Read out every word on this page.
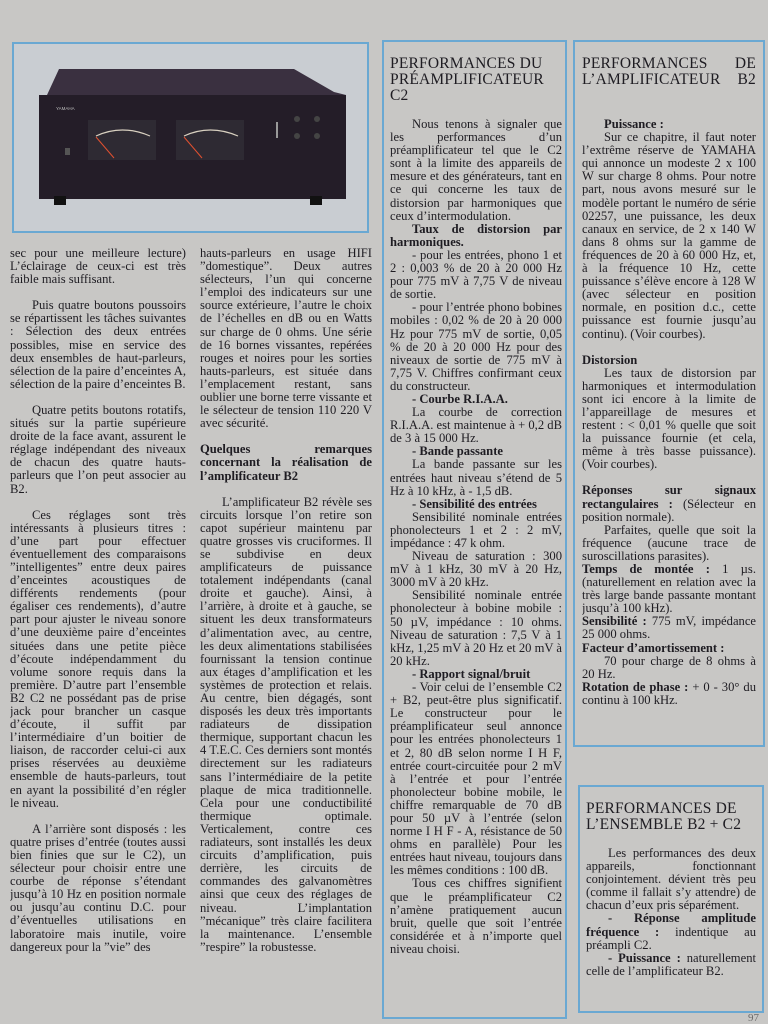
YAMAHA

sec pour une meilleure lecture) L’éclairage de ceux-ci est très faible mais suffisant.

Puis quatre boutons poussoirs se répartissent les tâches suivantes : Sélection des deux entrées possibles, mise en service des deux ensembles de haut-parleurs, sélection de la paire d’enceintes A, sélection de la paire d’enceintes B.

Quatre petits boutons rotatifs, situés sur la partie supérieure droite de la face avant, assurent le réglage indépendant des niveaux de chacun des quatre hauts-parleurs que l’on peut associer au B2.

Ces réglages sont très intéressants à plusieurs titres : d’une part pour effectuer éventuellement des comparaisons ”intelligentes” entre deux paires d’enceintes acoustiques de différents rendements (pour égaliser ces rendements), d’autre part pour ajuster le niveau sonore d’une deuxième paire d’enceintes situées dans une petite pièce d’écoute indépendamment du volume sonore requis dans la première. D’autre part l’ensemble B2 C2 ne possédant pas de prise jack pour brancher un casque d’écoute, il suffit par l’intermédiaire d’un boitier de liaison, de raccorder celui-ci aux prises réservées au deuxième ensemble de hauts-parleurs, tout en ayant la possibilité d’en régler le niveau.

A l’arrière sont disposés : les quatre prises d’entrée (toutes aussi bien finies que sur le C2), un sélecteur pour choisir entre une courbe de réponse s’étendant jusqu’à 10 Hz en position normale ou jusqu’au continu D.C. pour d’éventuelles utilisations en laboratoire mais inutile, voire dangereux pour la ”vie” des

hauts-parleurs en usage HIFI ”domestique”. Deux autres sélecteurs, l’un qui concerne l’emploi des indicateurs sur une source extérieure, l’autre le choix de l’échelles en dB ou en Watts sur charge de 0 ohms. Une série de 16 bornes vissantes, repérées rouges et noires pour les sorties hauts-parleurs, est située dans l’emplacement restant, sans oublier une borne terre vissante et le sélecteur de tension 110 220 V avec sécurité.

Quelques remarques concernant la réalisation de l’amplificateur B2

L’amplificateur B2 révèle ses circuits lorsque l’on retire son capot supérieur maintenu par quatre grosses vis cruciformes. Il se subdivise en deux amplificateurs de puissance totalement indépendants (canal droite et gauche). Ainsi, à l’arrière, à droite et à gauche, se situent les deux transformateurs d’alimentation avec, au centre, les deux alimentations stabilisées fournissant la tension continue aux étages d’amplification et les systèmes de protection et relais. Au centre, bien dégagés, sont disposés les deux très importants radiateurs de dissipation thermique, supportant chacun les 4 T.E.C. Ces derniers sont montés directement sur les radiateurs sans l’intermédiaire de la petite plaque de mica traditionnelle. Cela pour une conductibilité thermique optimale. Verticalement, contre ces radiateurs, sont installés les deux circuits d’amplification, puis derrière, les circuits de commandes des galvanomètres ainsi que ceux des réglages de niveau. L’implantation ”mécanique” très claire facilitera la maintenance. L’ensemble ”respire” la robustesse.

PERFORMANCES DU PRÉAMPLIFICATEUR C2

Nous tenons à signaler que les performances d’un préamplificateur tel que le C2 sont à la limite des appareils de mesure et des générateurs, tant en ce qui concerne les taux de distorsion par harmoniques que ceux d’intermodulation.

Taux de distorsion par harmoniques.

- pour les entrées, phono 1 et 2 : 0,003 % de 20 à 20 000 Hz pour 775 mV à 7,75 V de niveau de sortie.

- pour l’entrée phono bobines mobiles : 0,02 % de 20 à 20 000 Hz pour 775 mV de sortie, 0,05 % de 20 à 20 000 Hz pour des niveaux de sortie de 775 mV à 7,75 V. Chiffres confirmant ceux du constructeur.

- Courbe R.I.A.A.

La courbe de correction R.I.A.A. est maintenue à + 0,2 dB de 3 à 15 000 Hz.

- Bande passante

La bande passante sur les entrées haut niveau s’étend de 5 Hz à 10 kHz, à - 1,5 dB.

- Sensibilité des entrées

Sensibilité nominale entrées phonolecteurs 1 et 2 : 2 mV, impédance : 47 k ohm.

Niveau de saturation : 300 mV à 1 kHz, 30 mV à 20 Hz, 3000 mV à 20 kHz.

Sensibilité nominale entrée phonolecteur à bobine mobile : 50 µV, impédance : 10 ohms. Niveau de saturation : 7,5 V à 1 kHz, 1,25 mV à 20 Hz et 20 mV à 20 kHz.

- Rapport signal/bruit

- Voir celui de l’ensemble C2 + B2, peut-être plus significatif. Le constructeur pour le préamplificateur seul annonce pour les entrées phonolecteurs 1 et 2, 80 dB selon norme I H F, entrée court-circuitée pour 2 mV à l’entrée et pour l’entrée phonolecteur bobine mobile, le chiffre remarquable de 70 dB pour 50 µV à l’entrée (selon norme I H F - A, résistance de 50 ohms en parallèle) Pour les entrées haut niveau, toujours dans les mêmes conditions : 100 dB.

Tous ces chiffres signifient que le préamplificateur C2 n’amène pratiquement aucun bruit, quelle que soit l’entrée considérée et à n’importe quel niveau choisi.

PERFORMANCES DE L’AMPLIFICATEUR B2

Puissance :

Sur ce chapitre, il faut noter l’extrême réserve de YAMAHA qui annonce un modeste 2 x 100 W sur charge 8 ohms. Pour notre part, nous avons mesuré sur le modèle portant le numéro de série 02257, une puissance, les deux canaux en service, de 2 x 140 W dans 8 ohms sur la gamme de fréquences de 20 à 60 000 Hz, et, à la fréquence 10 Hz, cette puissance s’élève encore à 128 W (avec sélecteur en position normale, en position d.c., cette puissance est fournie jusqu’au continu). (Voir courbes).

Distorsion

Les taux de distorsion par harmoniques et intermodulation sont ici encore à la limite de l’appareillage de mesures et restent : < 0,01 % quelle que soit la puissance fournie (et cela, même à très basse puissance). (Voir courbes).

Réponses sur signaux rectangulaires : (Sélecteur en position normale).

Parfaites, quelle que soit la fréquence (aucune trace de suroscillations parasites).

Temps de montée : 1 µs. (naturellement en relation avec la très large bande passante montant jusqu’à 100 kHz).

Sensibilité : 775 mV, impédance 25 000 ohms.

Facteur d’amortissement :

70 pour charge de 8 ohms à 20 Hz.

Rotation de phase : + 0 - 30° du continu à 100 kHz.

PERFORMANCES DE L’ENSEMBLE B2 + C2

Les performances des deux appareils, fonctionnant conjointement. dévient très peu (comme il fallait s’y attendre) de chacun d’eux pris séparément.

- Réponse amplitude fréquence : indentique au préampli C2.

- Puissance : naturellement celle de l’amplificateur B2.

97
